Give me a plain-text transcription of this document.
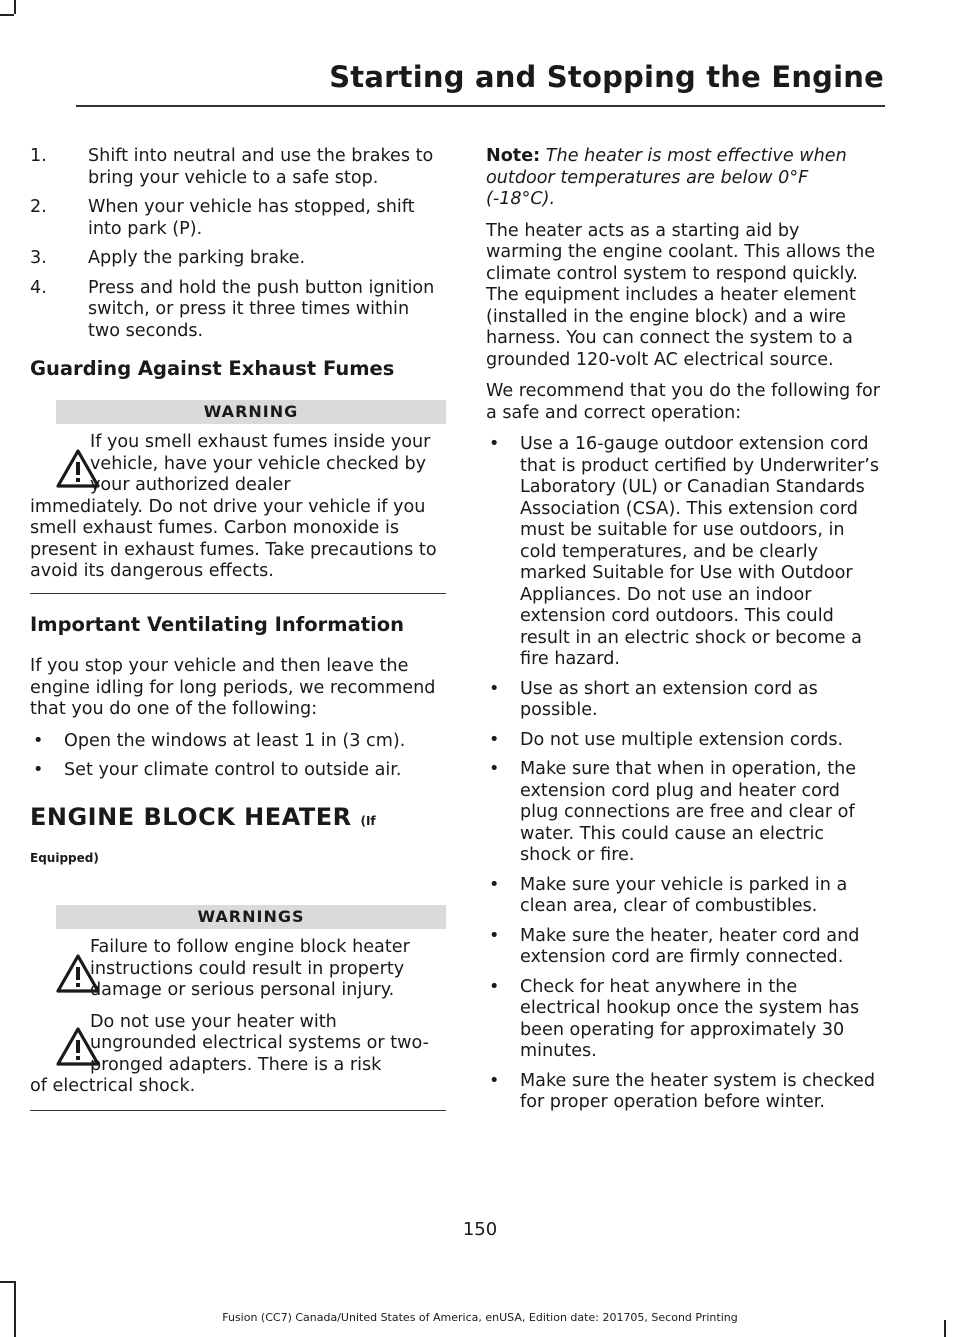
Starting and Stopping the Engine
1. Shift into neutral and use the brakes to bring your vehicle to a safe stop.
2. When your vehicle has stopped, shift into park (P).
3. Apply the parking brake.
4. Press and hold the push button ignition switch, or press it three times within two seconds.
Guarding Against Exhaust Fumes
WARNING

If you smell exhaust fumes inside your vehicle, have your vehicle checked by your authorized dealer
immediately. Do not drive your vehicle if you smell exhaust fumes. Carbon monoxide is present in exhaust fumes. Take precautions to avoid its dangerous effects.

Important Ventilating Information

If you stop your vehicle and then leave the engine idling for long periods, we recommend that you do one of the following:

• Open the windows at least 1 in (3 cm).
• Set your climate control to outside air.
ENGINE BLOCK HEATER (If
Equipped)
WARNINGS

Failure to follow engine block heater instructions could result in property damage or serious personal injury.

Do not use your heater with ungrounded electrical systems or two-pronged adapters. There is a risk
of electrical shock.

Note: The heater is most effective when outdoor temperatures are below 0°F (-18°C).

The heater acts as a starting aid by warming the engine coolant. This allows the climate control system to respond quickly. The equipment includes a heater element (installed in the engine block) and a wire harness. You can connect the system to a grounded 120-volt AC electrical source.

We recommend that you do the following for a safe and correct operation:

• Use a 16-gauge outdoor extension cord that is product certified by Underwriter’s Laboratory (UL) or Canadian Standards Association (CSA). This extension cord must be suitable for use outdoors, in cold temperatures, and be clearly marked Suitable for Use with Outdoor Appliances. Do not use an indoor extension cord outdoors. This could result in an electric shock or become a fire hazard.
• Use as short an extension cord as possible.
• Do not use multiple extension cords.
• Make sure that when in operation, the extension cord plug and heater cord plug connections are free and clear of water. This could cause an electric shock or fire.
• Make sure your vehicle is parked in a clean area, clear of combustibles.
• Make sure the heater, heater cord and extension cord are firmly connected.
• Check for heat anywhere in the electrical hookup once the system has been operating for approximately 30 minutes.
• Make sure the heater system is checked for proper operation before winter.
150
Fusion (CC7) Canada/United States of America, enUSA, Edition date: 201705, Second Printing
